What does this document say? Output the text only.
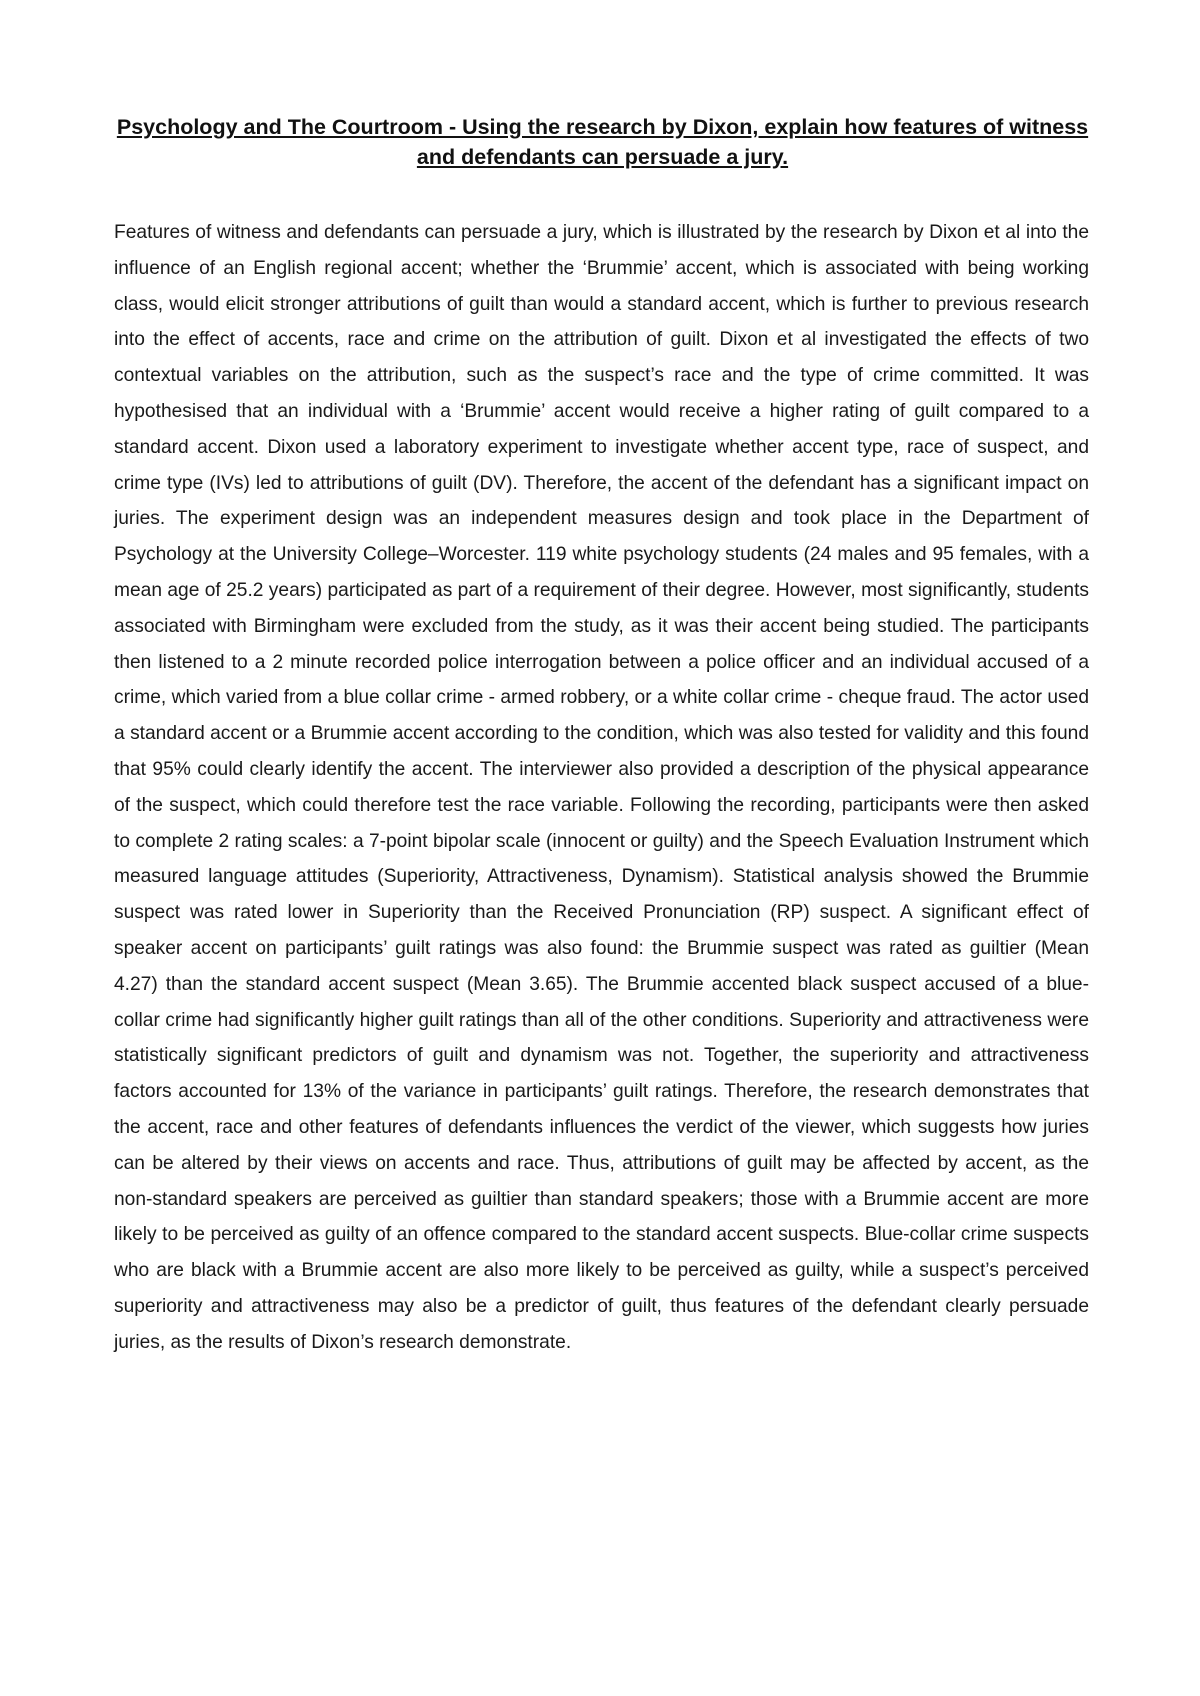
Psychology and The Courtroom - Using the research by Dixon, explain how features of witness and defendants can persuade a jury.

Features of witness and defendants can persuade a jury, which is illustrated by the research by Dixon et al into the influence of an English regional accent; whether the ‘Brummie’ accent, which is associated with being working class, would elicit stronger attributions of guilt than would a standard accent, which is further to previous research into the effect of accents, race and crime on the attribution of guilt. Dixon et al investigated the effects of two contextual variables on the attribution, such as the suspect’s race and the type of crime committed. It was hypothesised that an individual with a ‘Brummie’ accent would receive a higher rating of guilt compared to a standard accent. Dixon used a laboratory experiment to investigate whether accent type, race of suspect, and crime type (IVs) led to attributions of guilt (DV). Therefore, the accent of the defendant has a significant impact on juries. The experiment design was an independent measures design and took place in the Department of Psychology at the University College–Worcester. 119 white psychology students (24 males and 95 females, with a mean age of 25.2 years) participated as part of a requirement of their degree. However, most significantly, students associated with Birmingham were excluded from the study, as it was their accent being studied. The participants then listened to a 2 minute recorded police interrogation between a police officer and an individual accused of a crime, which varied from a blue collar crime - armed robbery, or a white collar crime - cheque fraud. The actor used a standard accent or a Brummie accent according to the condition, which was also tested for validity and this found that 95% could clearly identify the accent. The interviewer also provided a description of the physical appearance of the suspect, which could therefore test the race variable. Following the recording, participants were then asked to complete 2 rating scales: a 7-point bipolar scale (innocent or guilty) and the Speech Evaluation Instrument which measured language attitudes (Superiority, Attractiveness, Dynamism). Statistical analysis showed the Brummie suspect was rated lower in Superiority than the Received Pronunciation (RP) suspect. A significant effect of speaker accent on participants’ guilt ratings was also found: the Brummie suspect was rated as guiltier (Mean 4.27) than the standard accent suspect (Mean 3.65). The Brummie accented black suspect accused of a blue-collar crime had significantly higher guilt ratings than all of the other conditions. Superiority and attractiveness were statistically significant predictors of guilt and dynamism was not. Together, the superiority and attractiveness factors accounted for 13% of the variance in participants’ guilt ratings. Therefore, the research demonstrates that the accent, race and other features of defendants influences the verdict of the viewer, which suggests how juries can be altered by their views on accents and race. Thus, attributions of guilt may be affected by accent, as the non-standard speakers are perceived as guiltier than standard speakers; those with a Brummie accent are more likely to be perceived as guilty of an offence compared to the standard accent suspects. Blue-collar crime suspects who are black with a Brummie accent are also more likely to be perceived as guilty, while a suspect’s perceived superiority and attractiveness may also be a predictor of guilt, thus features of the defendant clearly persuade juries, as the results of Dixon’s research demonstrate.
